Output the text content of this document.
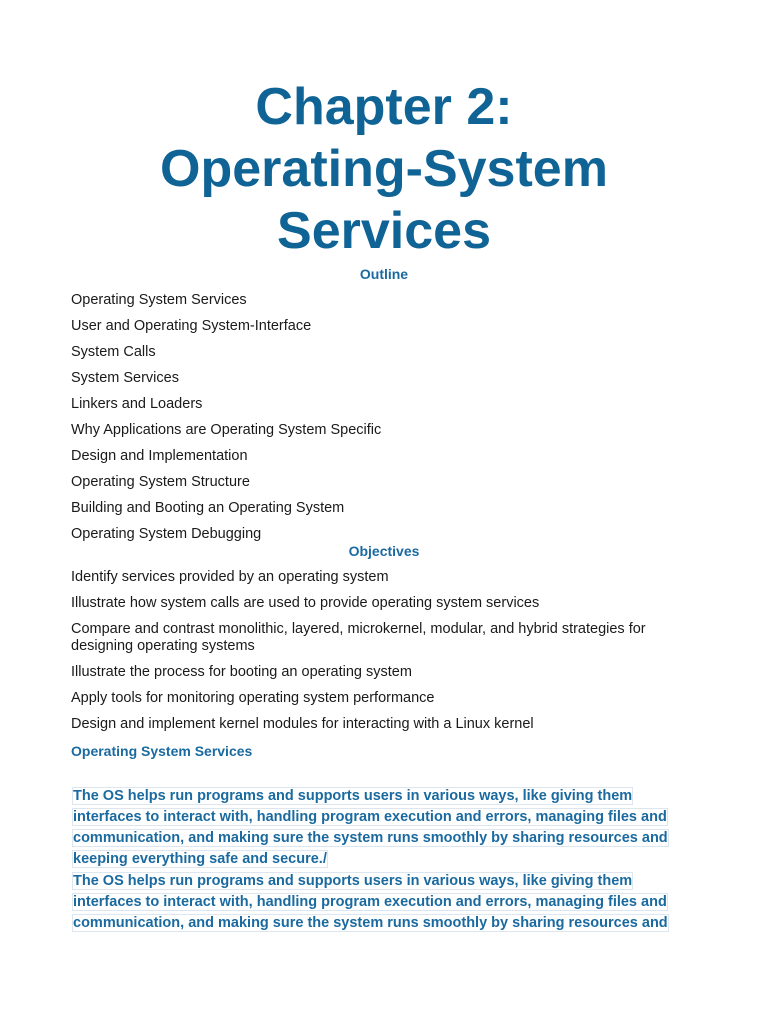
Chapter 2:
Operating-System
Services
Outline
Operating System Services
User and Operating System-Interface
System Calls
System Services
Linkers and Loaders
Why Applications are Operating System Specific
Design and Implementation
Operating System Structure
Building and Booting an Operating System
Operating System Debugging
Objectives
Identify services provided by an operating system
Illustrate how system calls are used to provide operating system services
Compare and contrast monolithic, layered, microkernel, modular, and hybrid strategies for designing operating systems
Illustrate the process for booting an operating system
Apply tools for monitoring operating system performance
Design and implement kernel modules for interacting with a Linux kernel
Operating System Services

The OS helps run programs and supports users in various ways, like giving them interfaces to interact with, handling program execution and errors, managing files and communication, and making sure the system runs smoothly by sharing resources and keeping everything safe and secure./

The OS helps run programs and supports users in various ways, like giving them interfaces to interact with, handling program execution and errors, managing files and communication, and making sure the system runs smoothly by sharing resources and
